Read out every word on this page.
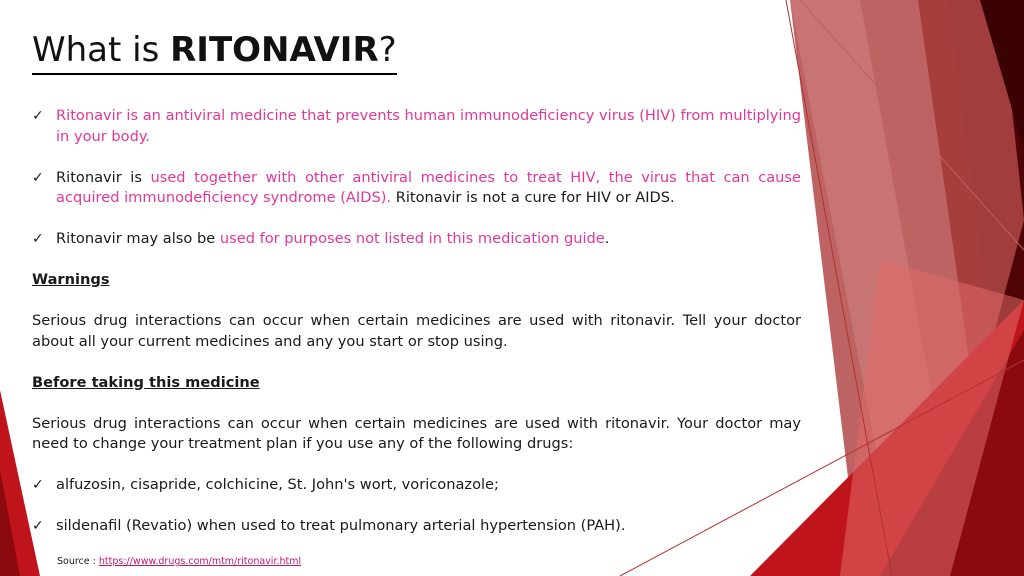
What is RITONAVIR?
✓ Ritonavir is an antiviral medicine that prevents human immunodeficiency virus (HIV) from multiplying in your body.
✓ Ritonavir is used together with other antiviral medicines to treat HIV, the virus that can cause acquired immunodeficiency syndrome (AIDS). Ritonavir is not a cure for HIV or AIDS.
✓ Ritonavir may also be used for purposes not listed in this medication guide.
Warnings
Serious drug interactions can occur when certain medicines are used with ritonavir. Tell your doctor about all your current medicines and any you start or stop using.
Before taking this medicine
Serious drug interactions can occur when certain medicines are used with ritonavir. Your doctor may need to change your treatment plan if you use any of the following drugs:
✓ alfuzosin, cisapride, colchicine, St. John's wort, voriconazole;
✓ sildenafil (Revatio) when used to treat pulmonary arterial hypertension (PAH).
Source : https://www.drugs.com/mtm/ritonavir.html
